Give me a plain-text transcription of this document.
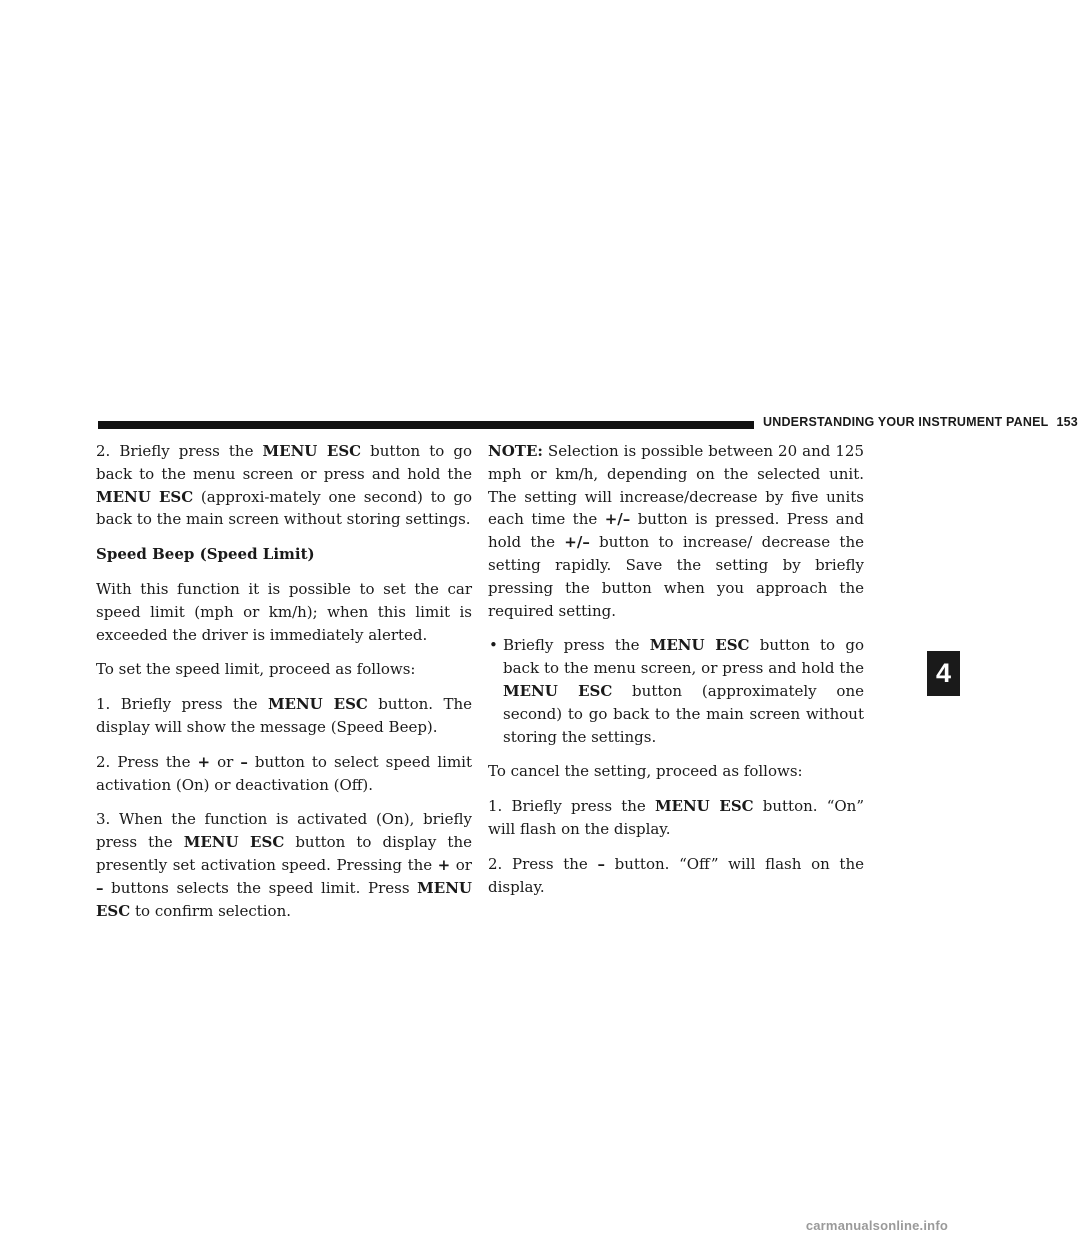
UNDERSTANDING YOUR INSTRUMENT PANEL 153

2. Briefly press the MENU ESC button to go back to the menu screen or press and hold the MENU ESC (approxi-mately one second) to go back to the main screen without storing settings.

Speed Beep (Speed Limit)

With this function it is possible to set the car speed limit (mph or km/h); when this limit is exceeded the driver is immediately alerted.

To set the speed limit, proceed as follows:

1. Briefly press the MENU ESC button. The display will show the message (Speed Beep).

2. Press the + or – button to select speed limit activation (On) or deactivation (Off).

3. When the function is activated (On), briefly press the MENU ESC button to display the presently set activation speed. Pressing the + or – buttons selects the speed limit. Press MENU ESC to confirm selection.

NOTE: Selection is possible between 20 and 125 mph or km/h, depending on the selected unit. The setting will increase/decrease by five units each time the +/– button is pressed. Press and hold the +/– button to increase/ decrease the setting rapidly. Save the setting by briefly pressing the button when you approach the required setting.

• Briefly press the MENU ESC button to go back to the menu screen, or press and hold the MENU ESC button (approximately one second) to go back to the main screen without storing the settings.

To cancel the setting, proceed as follows:

1. Briefly press the MENU ESC button. “On” will flash on the display.

2. Press the – button. “Off” will flash on the display.

4
carmanualsonline.info
